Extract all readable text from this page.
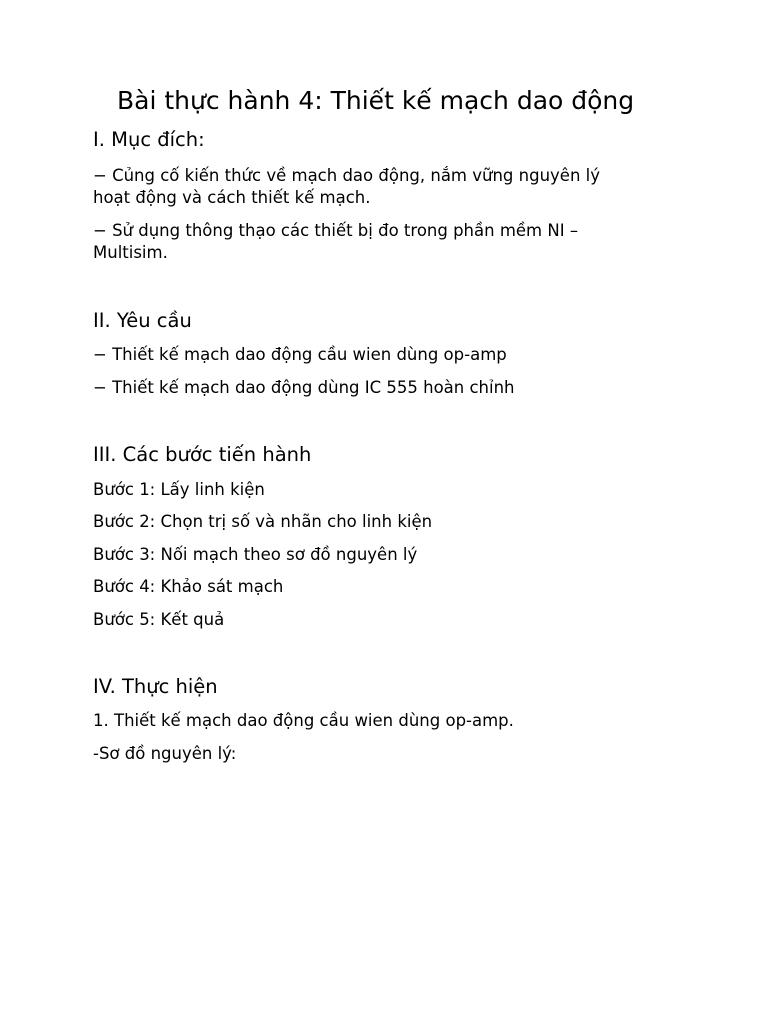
Bài thực hành 4: Thiết kế mạch dao động
I. Mục đích:

− Củng cố kiến thức về mạch dao động, nắm vững nguyên lý

hoạt động và cách thiết kế mạch.

− Sử dụng thông thạo các thiết bị đo trong phần mềm NI –

Multisim.

II. Yêu cầu

− Thiết kế mạch dao động cầu wien dùng op-amp

− Thiết kế mạch dao động dùng IC 555 hoàn chỉnh

III. Các bước tiến hành

Bước 1: Lấy linh kiện

Bước 2: Chọn trị số và nhãn cho linh kiện

Bước 3: Nối mạch theo sơ đồ nguyên lý

Bước 4: Khảo sát mạch

Bước 5: Kết quả

IV. Thực hiện

1. Thiết kế mạch dao động cầu wien dùng op-amp.

-Sơ đồ nguyên lý:
